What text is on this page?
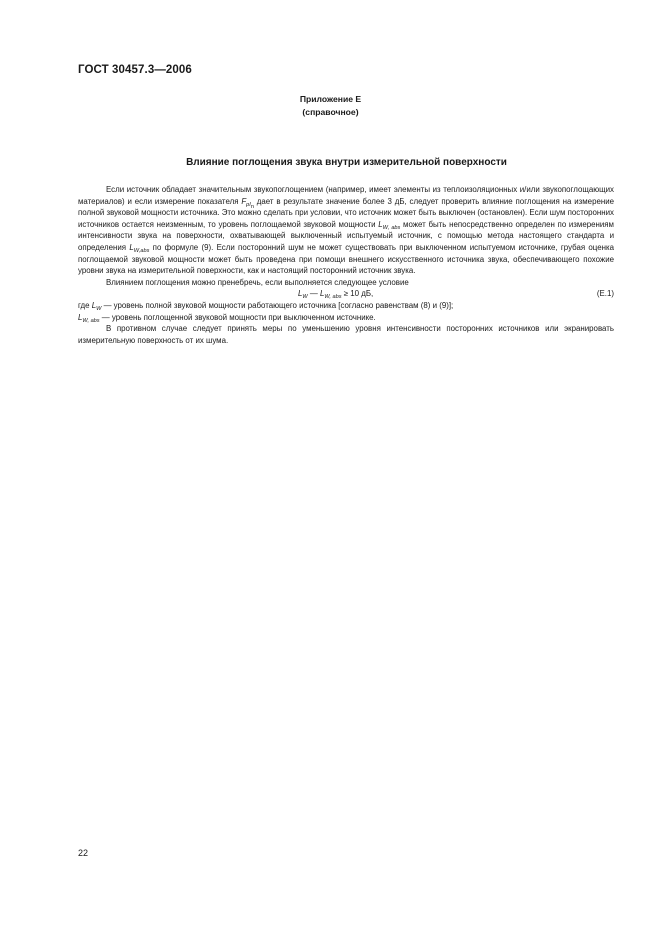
ГОСТ 30457.3—2006
Приложение Е
(справочное)
Влияние поглощения звука внутри измерительной поверхности

Если источник обладает значительным звукопоглощением (например, имеет элементы из теплоизоляционных и/или звукопоглощающих материалов) и если измерение показателя $F_{pI_n}$ дает в результате значение более 3 дБ, следует проверить влияние поглощения на измерение полной звуковой мощности источника. Это можно сделать при условии, что источник может быть выключен (остановлен). Если шум посторонних источников остается неизменным, то уровень поглощаемой звуковой мощности $L_{W, abs}$ может быть непосредственно определен по измерениям интенсивности звука на поверхности, охватывающей выключенный испытуемый источник, с помощью метода настоящего стандарта и определения $L_{W,abs}$ по формуле (9). Если посторонний шум не может существовать при выключенном испытуемом источнике, грубая оценка поглощаемой звуковой мощности может быть проведена при помощи внешнего искусственного источника звука, обеспечивающего похожие уровни звука на измерительной поверхности, как и настоящий посторонний источник звука.

Влиянием поглощения можно пренебречь, если выполняется следующее условие

$L_W$ — $L_{W, abs} \ge 10$ дБ,	(Е.1)

где $L_W$ — уровень полной звуковой мощности работающего источника [согласно равенствам (8) и (9)];

$L_{W, abs}$ — уровень поглощенной звуковой мощности при выключенном источнике.

В противном случае следует принять меры по уменьшению уровня интенсивности посторонних источников или экранировать измерительную поверхность от их шума.

22
